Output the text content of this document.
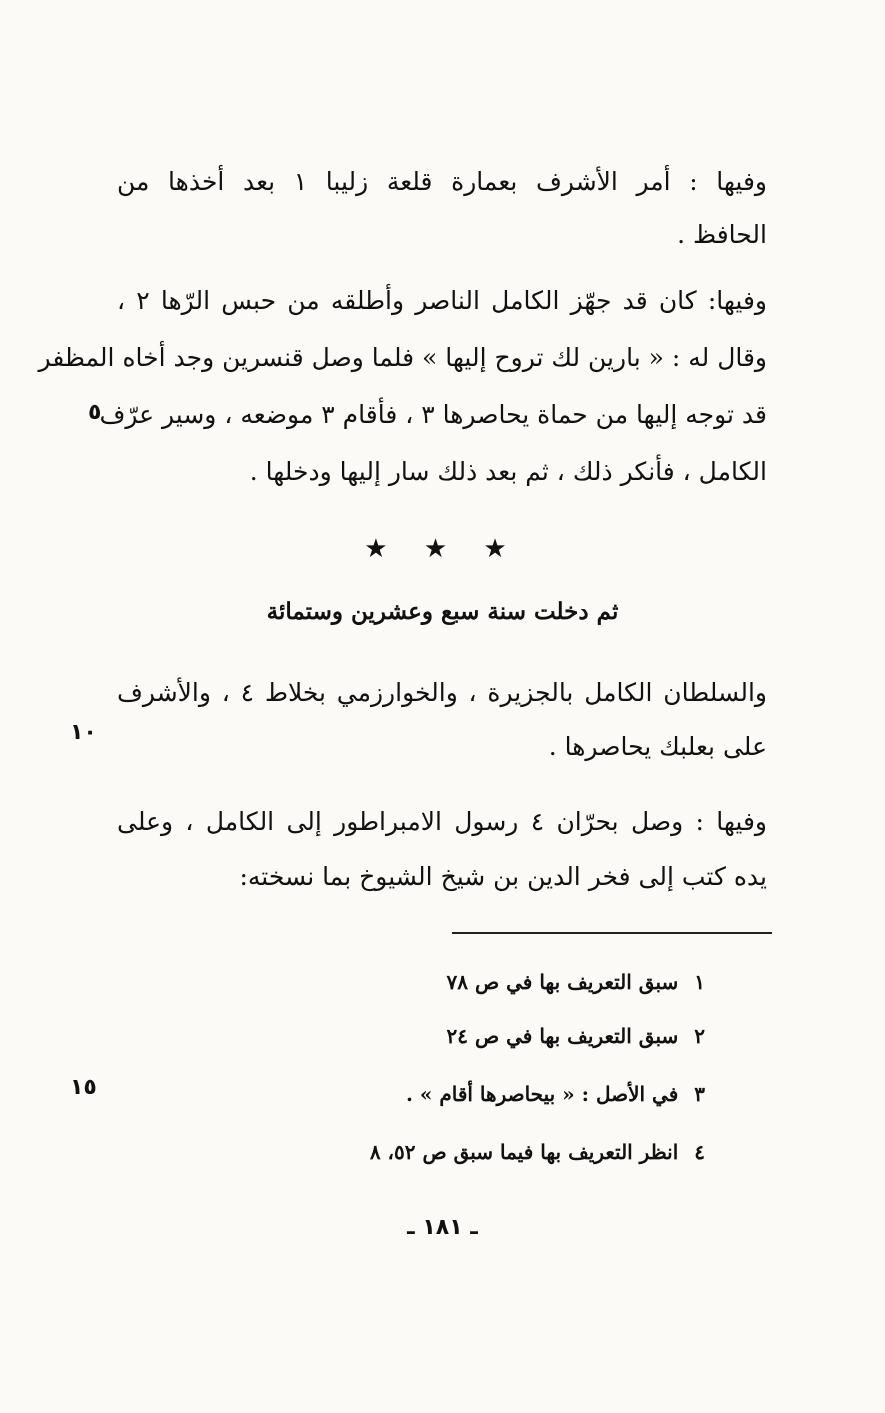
وفيها : أمر الأشرف بعمارة قلعة زليبا ١ بعد أخذها من
الحافظ .
وفيها: كان قد جهّز الكامل الناصر وأطلقه من حبس الرّها ٢ ،
وقال له : « بارين لك تروح إليها » فلما وصل قنسرين وجد أخاه المظفر
قد توجه إليها من حماة يحاصرها ٣ ، فأقام ٣ موضعه ، وسير عرّف
الكامل ، فأنكر ذلك ، ثم بعد ذلك سار إليها ودخلها .
٥
★ ★ ★
ثم دخلت سنة سبع وعشرين وستمائة
والسلطان الكامل بالجزيرة ، والخوارزمي بخلاط ٤ ، والأشرف
على بعلبك يحاصرها .
١٠
وفيها : وصل بحرّان ٤ رسول الامبراطور إلى الكامل ، وعلى
يده كتب إلى فخر الدين بن شيخ الشيوخ بما نسخته:
١سبق التعريف بها في ص ٧٨
٢سبق التعريف بها في ص ٢٤
٣في الأصل : « بيحاصرها أقام » .
٤انظر التعريف بها فيما سبق ص ٥٢، ٨
١٥
ـ ١٨١ ـ
